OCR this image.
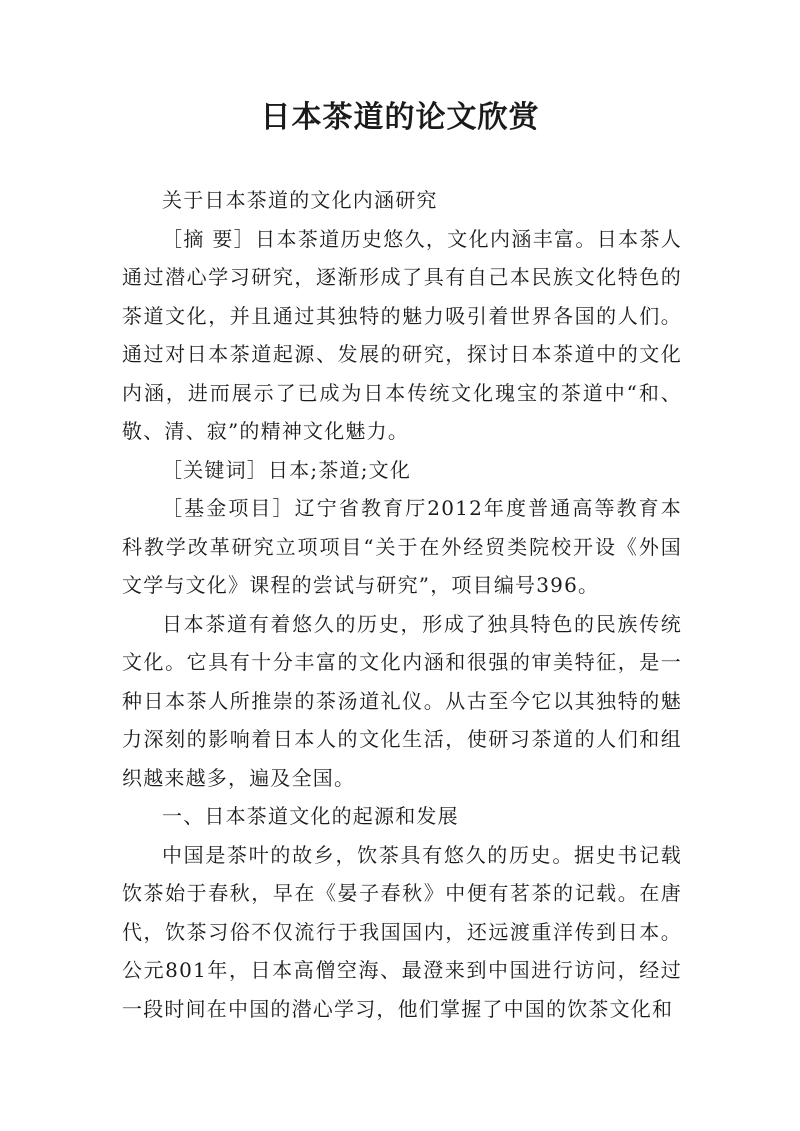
日本茶道的论文欣赏

关于日本茶道的文化内涵研究

［摘 要］日本茶道历史悠久，文化内涵丰富。日本茶人通过潜心学习研究，逐渐形成了具有自己本民族文化特色的茶道文化，并且通过其独特的魅力吸引着世界各国的人们。通过对日本茶道起源、发展的研究，探讨日本茶道中的文化内涵，进而展示了已成为日本传统文化瑰宝的茶道中“和、敬、清、寂”的精神文化魅力。

［关键词］日本;茶道;文化

［基金项目］辽宁省教育厅2012年度普通高等教育本科教学改革研究立项项目“关于在外经贸类院校开设《外国文学与文化》课程的尝试与研究”，项目编号396。

日本茶道有着悠久的历史，形成了独具特色的民族传统文化。它具有十分丰富的文化内涵和很强的审美特征，是一种日本茶人所推崇的茶汤道礼仪。从古至今它以其独特的魅力深刻的影响着日本人的文化生活，使研习茶道的人们和组织越来越多，遍及全国。

一、日本茶道文化的起源和发展

中国是茶叶的故乡，饮茶具有悠久的历史。据史书记载饮茶始于春秋，早在《晏子春秋》中便有茗茶的记载。在唐代，饮茶习俗不仅流行于我国国内，还远渡重洋传到日本。公元801年，日本高僧空海、最澄来到中国进行访问，经过一段时间在中国的潜心学习，他们掌握了中国的饮茶文化和
